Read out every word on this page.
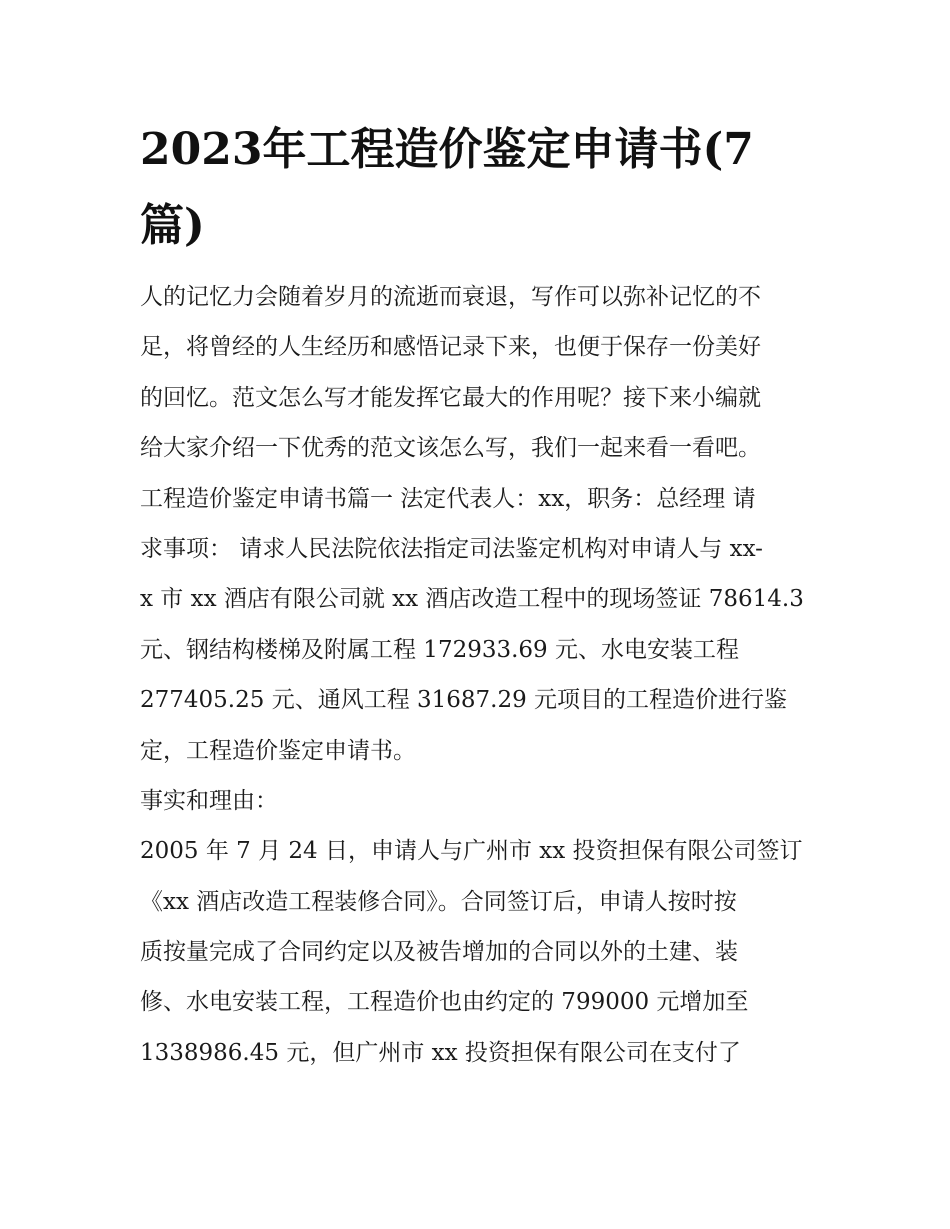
2023年工程造价鉴定申请书(7
篇)
人的记忆力会随着岁月的流逝而衰退，写作可以弥补记忆的不
足，将曾经的人生经历和感悟记录下来，也便于保存一份美好
的回忆。范文怎么写才能发挥它最大的作用呢？接下来小编就
给大家介绍一下优秀的范文该怎么写，我们一起来看一看吧。
工程造价鉴定申请书篇一 法定代表人：xx，职务：总经理 请
求事项： 请求人民法院依法指定司法鉴定机构对申请人与 xx-
x 市 xx 酒店有限公司就 xx 酒店改造工程中的现场签证 78614.3
元、钢结构楼梯及附属工程 172933.69 元、水电安装工程
277405.25 元、通风工程 31687.29 元项目的工程造价进行鉴
定，工程造价鉴定申请书。
事实和理由：
2005 年 7 月 24 日，申请人与广州市 xx 投资担保有限公司签订
《xx 酒店改造工程装修合同》。合同签订后，申请人按时按
质按量完成了合同约定以及被告增加的合同以外的土建、装
修、水电安装工程，工程造价也由约定的 799000 元增加至
1338986.45 元，但广州市 xx 投资担保有限公司在支付了
